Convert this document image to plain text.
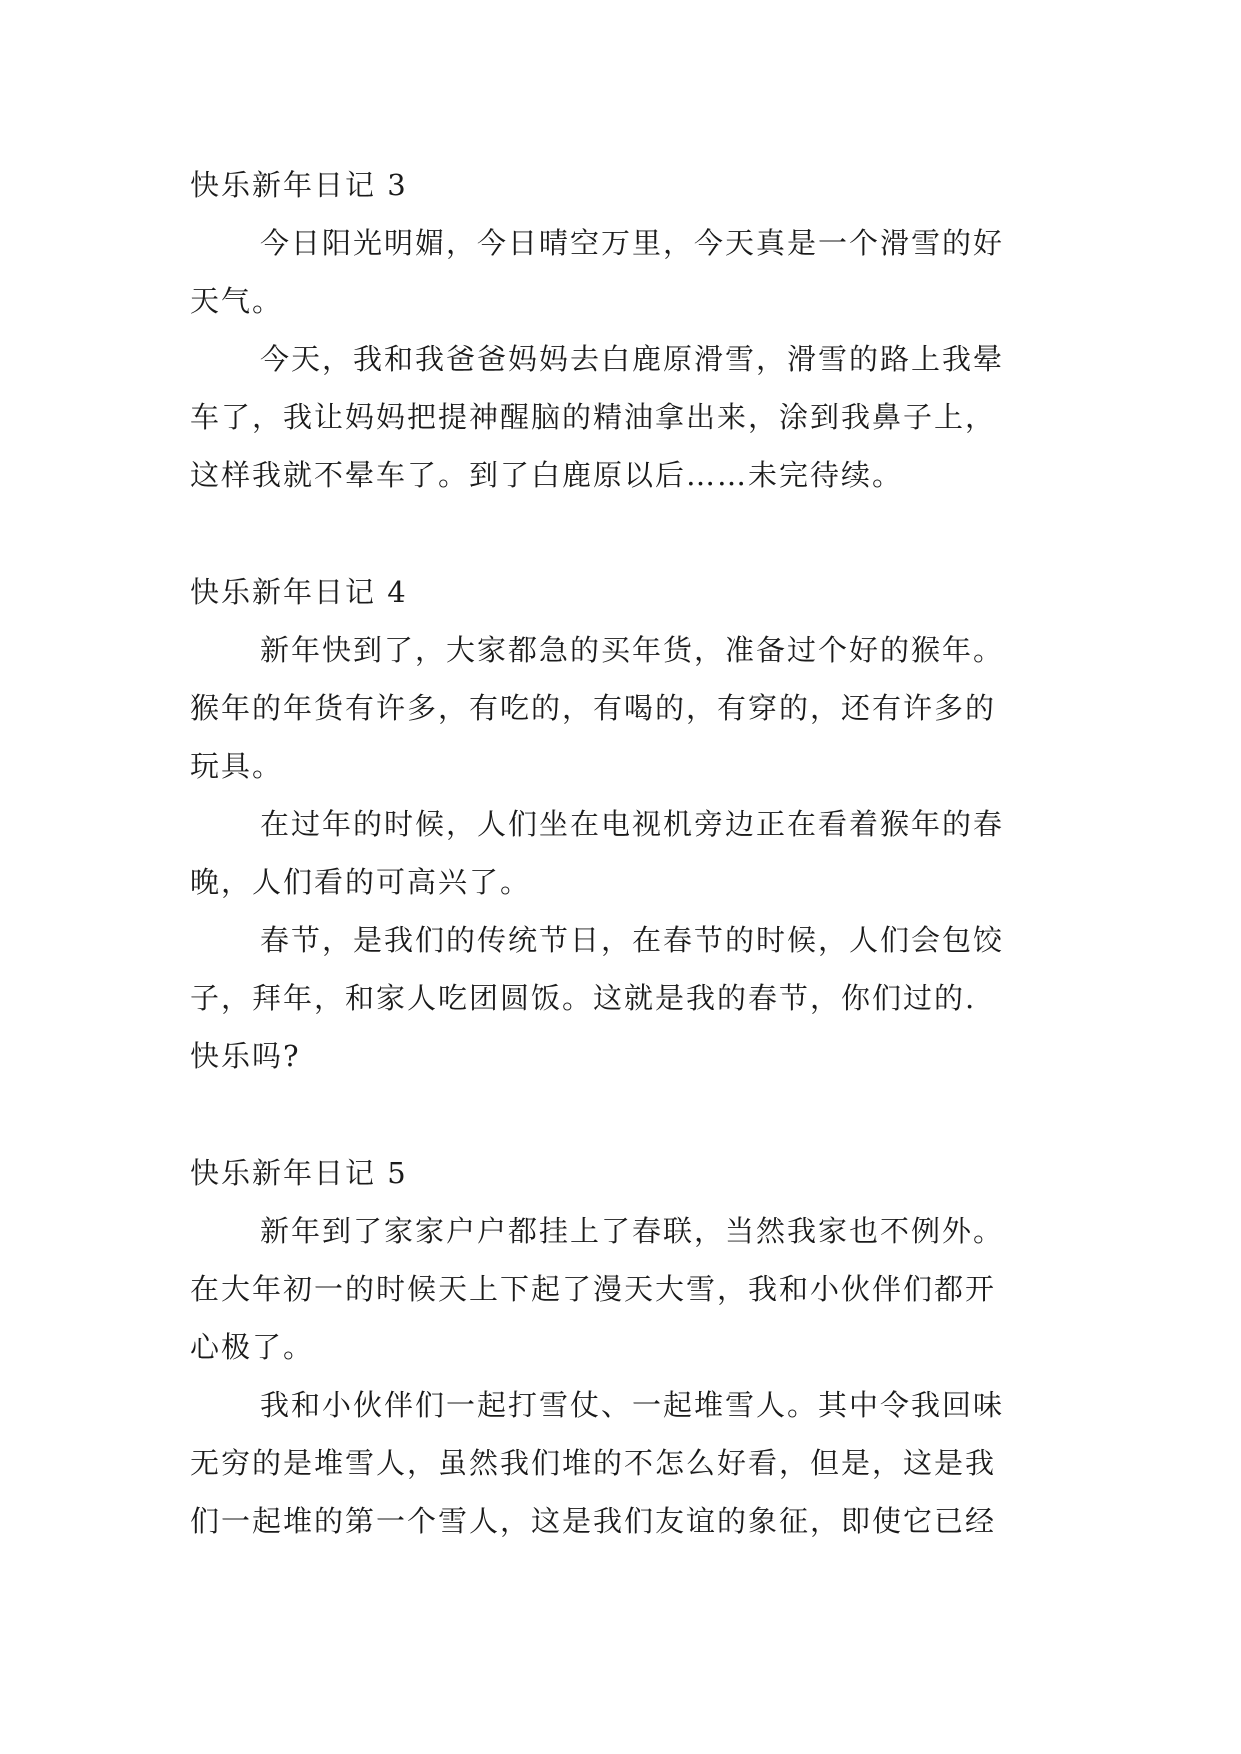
快乐新年日记 3
今日阳光明媚，今日晴空万里，今天真是一个滑雪的好
天气。
今天，我和我爸爸妈妈去白鹿原滑雪，滑雪的路上我晕
车了，我让妈妈把提神醒脑的精油拿出来，涂到我鼻子上，
这样我就不晕车了。到了白鹿原以后……未完待续。
快乐新年日记 4
新年快到了，大家都急的买年货，准备过个好的猴年。
猴年的年货有许多，有吃的，有喝的，有穿的，还有许多的
玩具。
在过年的时候，人们坐在电视机旁边正在看着猴年的春
晚，人们看的可高兴了。
春节，是我们的传统节日，在春节的时候，人们会包饺
子，拜年，和家人吃团圆饭。这就是我的春节，你们过的.
快乐吗?
快乐新年日记 5
新年到了家家户户都挂上了春联，当然我家也不例外。
在大年初一的时候天上下起了漫天大雪，我和小伙伴们都开
心极了。
我和小伙伴们一起打雪仗、一起堆雪人。其中令我回味
无穷的是堆雪人，虽然我们堆的不怎么好看，但是，这是我
们一起堆的第一个雪人，这是我们友谊的象征，即使它已经
